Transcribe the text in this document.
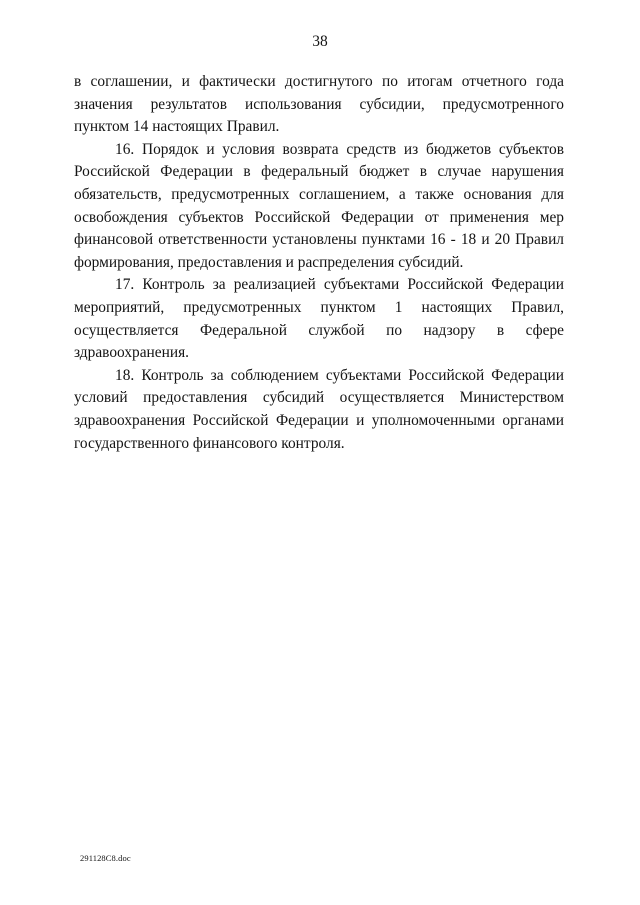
38

в соглашении, и фактически достигнутого по итогам отчетного года
значения результатов использования субсидии, предусмотренного
пунктом 14 настоящих Правил.

16. Порядок и условия возврата средств из бюджетов субъектов
Российской Федерации в федеральный бюджет в случае нарушения
обязательств, предусмотренных соглашением, а также основания для
освобождения субъектов Российской Федерации от применения мер
финансовой ответственности установлены пунктами 16 - 18 и 20 Правил
формирования, предоставления и распределения субсидий.

17. Контроль за реализацией субъектами Российской Федерации
мероприятий, предусмотренных пунктом 1 настоящих Правил,
осуществляется Федеральной службой по надзору в сфере
здравоохранения.

18. Контроль за соблюдением субъектами Российской Федерации
условий предоставления субсидий осуществляется Министерством
здравоохранения Российской Федерации и уполномоченными органами
государственного финансового контроля.

291128C8.doc
